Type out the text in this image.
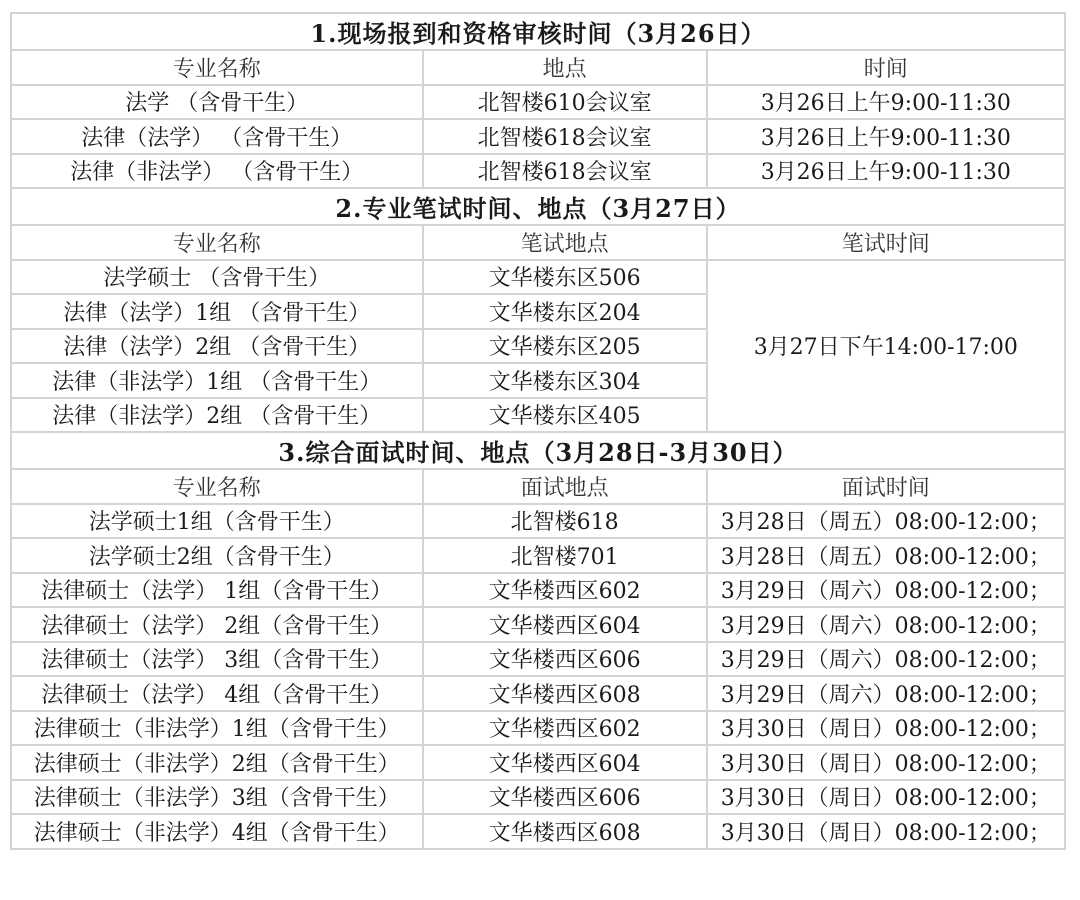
1.现场报到和资格审核时间（3月26日）		
专业名称	地点	时间
法学 （含骨干生）	北智楼610会议室	3月26日上午9:00-11:30
法律（法学） （含骨干生）	北智楼618会议室	3月26日上午9:00-11:30
法律（非法学） （含骨干生）	北智楼618会议室	3月26日上午9:00-11:30
2.专业笔试时间、地点（3月27日）		
专业名称	笔试地点	笔试时间
法学硕士 （含骨干生）	文华楼东区506	3月27日下午14:00-17:00
法律（法学）1组 （含骨干生）	文华楼东区204	
法律（法学）2组 （含骨干生）	文华楼东区205	
法律（非法学）1组 （含骨干生）	文华楼东区304	
法律（非法学）2组 （含骨干生）	文华楼东区405	
3.综合面试时间、地点（3月28日-3月30日）		
专业名称	面试地点	面试时间
法学硕士1组（含骨干生）	北智楼618	3月28日（周五）08:00-12:00；
法学硕士2组（含骨干生）	北智楼701	3月28日（周五）08:00-12:00；
法律硕士（法学） 1组（含骨干生）	文华楼西区602	3月29日（周六）08:00-12:00；
法律硕士（法学） 2组（含骨干生）	文华楼西区604	3月29日（周六）08:00-12:00；
法律硕士（法学） 3组（含骨干生）	文华楼西区606	3月29日（周六）08:00-12:00；
法律硕士（法学） 4组（含骨干生）	文华楼西区608	3月29日（周六）08:00-12:00；
法律硕士（非法学）1组（含骨干生）	文华楼西区602	3月30日（周日）08:00-12:00；
法律硕士（非法学）2组（含骨干生）	文华楼西区604	3月30日（周日）08:00-12:00；
法律硕士（非法学）3组（含骨干生）	文华楼西区606	3月30日（周日）08:00-12:00；
法律硕士（非法学）4组（含骨干生）	文华楼西区608	3月30日（周日）08:00-12:00；
